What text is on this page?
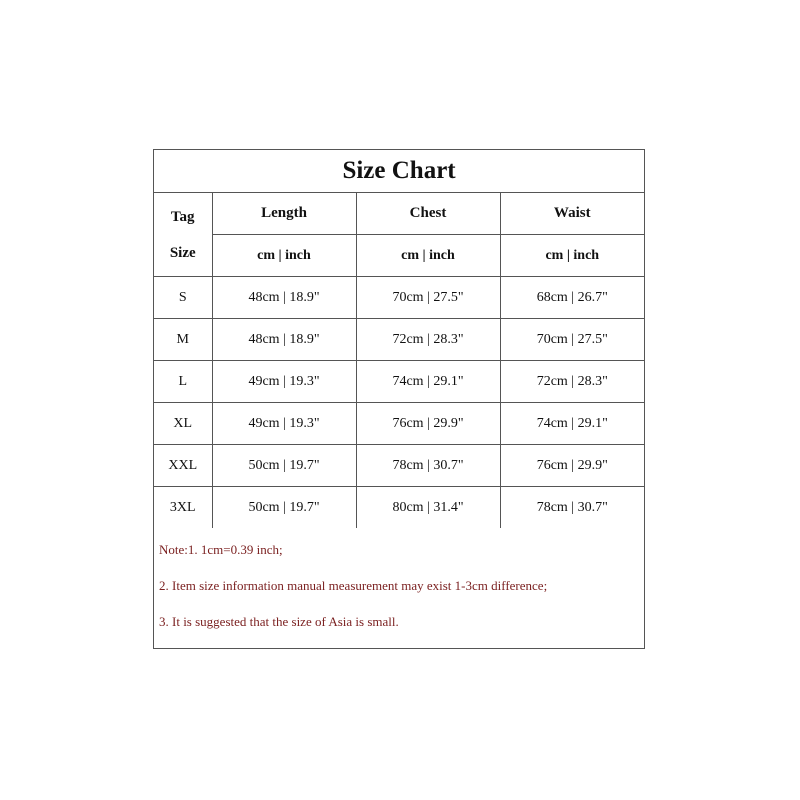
Size Chart			

Tag
Size	Length	Chest	Waist
	cm | inch	cm | inch	cm | inch
S	48cm | 18.9"	70cm | 27.5"	68cm | 26.7"
M	48cm | 18.9"	72cm | 28.3"	70cm | 27.5"
L	49cm | 19.3"	74cm | 29.1"	72cm | 28.3"
XL	49cm | 19.3"	76cm | 29.9"	74cm | 29.1"
XXL	50cm | 19.7"	78cm | 30.7"	76cm | 29.9"
3XL	50cm | 19.7"	80cm | 31.4"	78cm | 30.7"
Note:1. 1cm=0.39 inch;
2. Item size information manual measurement may exist 1-3cm difference;
3. It is suggested that the size of Asia is small.
